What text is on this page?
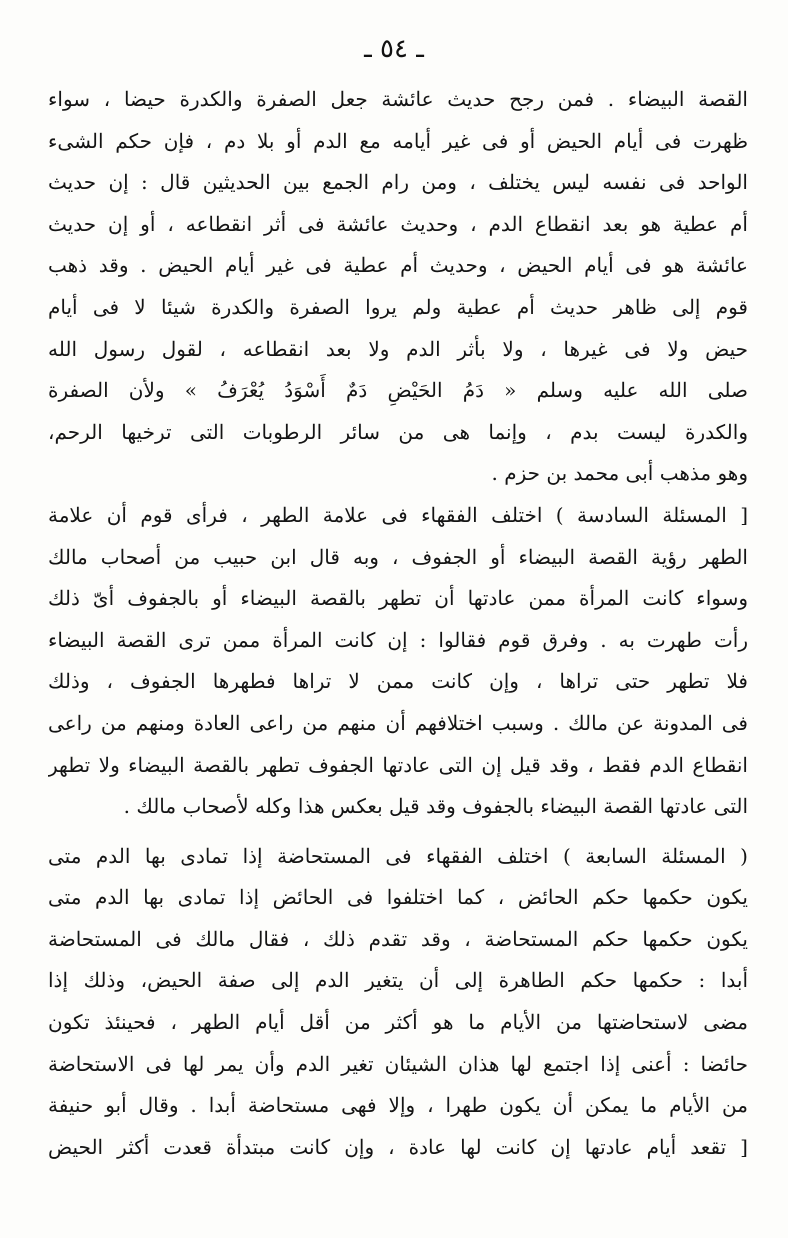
ـ ٥٤ ـ
القصة البيضاء . فمن رجح حديث عائشة جعل الصفرة والكدرة حيضا ، سواء
ظهرت فى أيام الحيض أو فى غير أيامه مع الدم أو بلا دم ، فإن حكم الشىء
الواحد فى نفسه ليس يختلف ، ومن رام الجمع بين الحديثين قال : إن حديث
أم عطية هو بعد انقطاع الدم ، وحديث عائشة فى أثر انقطاعه ، أو إن حديث
عائشة هو فى أيام الحيض ، وحديث أم عطية فى غير أيام الحيض . وقد ذهب
قوم إلى ظاهر حديث أم عطية ولم يروا الصفرة والكدرة شيئا لا فى أيام
حيض ولا فى غيرها ، ولا بأثر الدم ولا بعد انقطاعه ، لقول رسول الله
صلى الله عليه وسلم « دَمُ الحَيْضِ دَمٌ أَسْوَدُ يُعْرَفُ » ولأن الصفرة
والكدرة ليست بدم ، وإنما هى من سائر الرطوبات التى ترخيها الرحم،
وهو مذهب أبى محمد بن حزم .
[ المسئلة السادسة ) اختلف الفقهاء فى علامة الطهر ، فرأى قوم أن علامة
الطهر رؤية القصة البيضاء أو الجفوف ، وبه قال ابن حبيب من أصحاب مالك
وسواء كانت المرأة ممن عادتها أن تطهر بالقصة البيضاء أو بالجفوف أىّ ذلك
رأت طهرت به . وفرق قوم فقالوا : إن كانت المرأة ممن ترى القصة البيضاء
فلا تطهر حتى تراها ، وإن كانت ممن لا تراها فطهرها الجفوف ، وذلك
فى المدونة عن مالك . وسبب اختلافهم أن منهم من راعى العادة ومنهم من راعى
انقطاع الدم فقط ، وقد قيل إن التى عادتها الجفوف تطهر بالقصة البيضاء ولا تطهر
التى عادتها القصة البيضاء بالجفوف وقد قيل بعكس هذا وكله لأصحاب مالك .
( المسئلة السابعة ) اختلف الفقهاء فى المستحاضة إذا تمادى بها الدم متى
يكون حكمها حكم الحائض ، كما اختلفوا فى الحائض إذا تمادى بها الدم متى
يكون حكمها حكم المستحاضة ، وقد تقدم ذلك ، فقال مالك فى المستحاضة
أبدا : حكمها حكم الطاهرة إلى أن يتغير الدم إلى صفة الحيض، وذلك إذا
مضى لاستحاضتها من الأيام ما هو أكثر من أقل أيام الطهر ، فحينئذ تكون
حائضا : أعنى إذا اجتمع لها هذان الشيئان تغير الدم وأن يمر لها فى الاستحاضة
من الأيام ما يمكن أن يكون طهرا ، وإلا فهى مستحاضة أبدا . وقال أبو حنيفة
[ تقعد أيام عادتها إن كانت لها عادة ، وإن كانت مبتدأة قعدت أكثر الحيض
